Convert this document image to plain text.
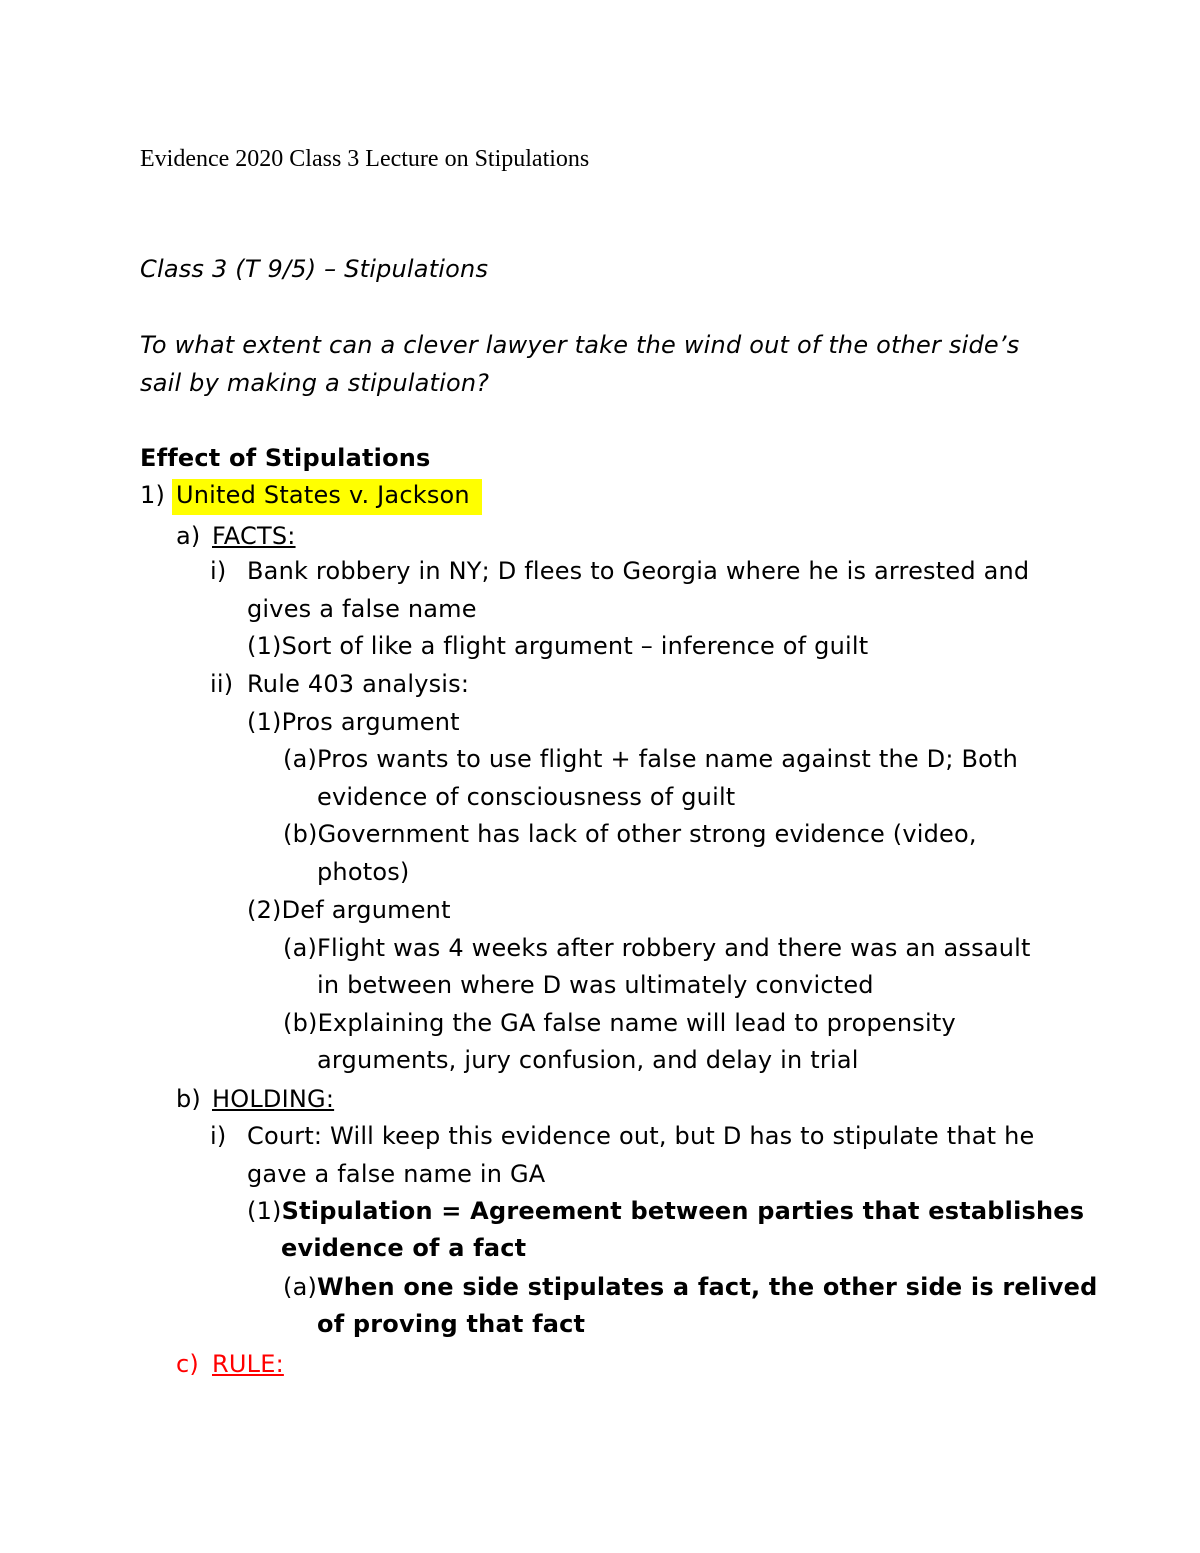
Evidence 2020 Class 3 Lecture on Stipulations
Class 3 (T 9/5) – Stipulations
To what extent can a clever lawyer take the wind out of the other side’s
sail by making a stipulation?
Effect of Stipulations
1) United States v. Jackson
a) FACTS:
i) Bank robbery in NY; D flees to Georgia where he is arrested and
gives a false name
(1)Sort of like a flight argument – inference of guilt
ii) Rule 403 analysis:
(1)Pros argument
(a)Pros wants to use flight + false name against the D; Both
evidence of consciousness of guilt
(b)Government has lack of other strong evidence (video,
photos)
(2)Def argument
(a)Flight was 4 weeks after robbery and there was an assault
in between where D was ultimately convicted
(b)Explaining the GA false name will lead to propensity
arguments, jury confusion, and delay in trial
b) HOLDING:
i) Court: Will keep this evidence out, but D has to stipulate that he
gave a false name in GA
(1)Stipulation = Agreement between parties that establishes
evidence of a fact
(a)When one side stipulates a fact, the other side is relived
of proving that fact
c) RULE:
